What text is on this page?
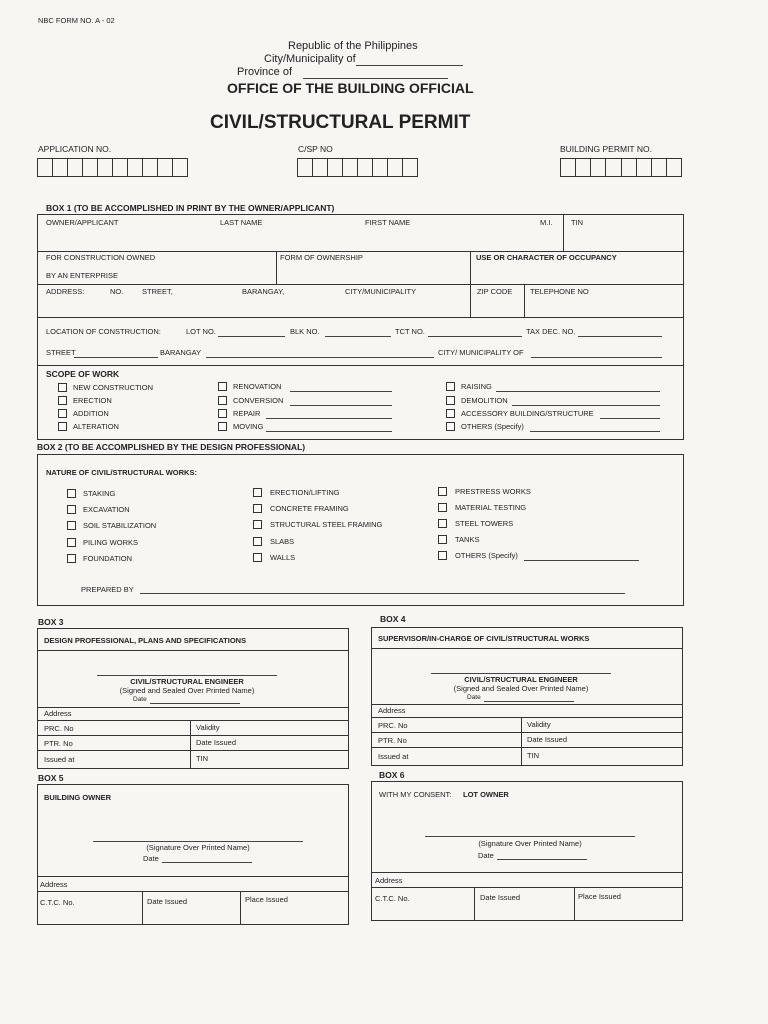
NBC FORM NO. A - 02
Republic of the Philippines
City/Municipality of
Province of
OFFICE OF THE BUILDING OFFICIAL
CIVIL/STRUCTURAL PERMIT
APPLICATION NO.	C/SP NO	BUILDING PERMIT NO.
BOX 1 (TO BE ACCOMPLISHED IN PRINT BY THE OWNER/APPLICANT)
OWNER/APPLICANT	LAST NAME	FIRST NAME	M.I. TIN
FOR CONSTRUCTION OWNED
BY AN ENTERPRISE
FORM OF OWNERSHIP	USE OR CHARACTER OF OCCUPANCY
ADDRESS:	NO. STREET,	BARANGAY,	CITY/MUNICIPALITY	ZIP CODE TELEPHONE NO
LOCATION OF CONSTRUCTION:	LOT NO.	BLK NO.	TCT NO.	TAX DEC. NO.
STREET	BARANGAY	CITY/ MUNICIPALITY OF
SCOPE OF WORK
NEW CONSTRUCTION
ERECTION
ADDITION
ALTERATION
RENOVATION
CONVERSION
REPAIR
MOVING
RAISING
DEMOLITION
ACCESSORY BUILDING/STRUCTURE
OTHERS (Specify)
BOX 2 (TO BE ACCOMPLISHED BY THE DESIGN PROFESSIONAL)
NATURE OF CIVIL/STRUCTURAL WORKS:
STAKING
EXCAVATION
SOIL STABILIZATION
PILING WORKS
FOUNDATION
ERECTION/LIFTING
CONCRETE FRAMING
STRUCTURAL STEEL FRAMING
SLABS
WALLS
PRESTRESS WORKS
MATERIAL TESTING
STEEL TOWERS
TANKS
OTHERS (Specify)
PREPARED BY
BOX 3
DESIGN PROFESSIONAL, PLANS AND SPECIFICATIONS
CIVIL/STRUCTURAL ENGINEER
(Signed and Sealed Over Printed Name)
Date
Address
PRC. No	Validity
PTR. No	Date Issued
Issued at	TIN
BOX 4
SUPERVISOR/IN-CHARGE OF CIVIL/STRUCTURAL WORKS
CIVIL/STRUCTURAL ENGINEER
(Signed and Sealed Over Printed Name)
Date
Address
PRC. No	Validity
PTR. No	Date Issued
Issued at	TIN
BOX 5
BUILDING OWNER
(Signature Over Printed Name)
Date
Address
C.T.C. No.	Date Issued	Place Issued
BOX 6
WITH MY CONSENT: LOT OWNER
(Signature Over Printed Name)
Date
Address
C.T.C. No.	Date Issued	Place Issued
